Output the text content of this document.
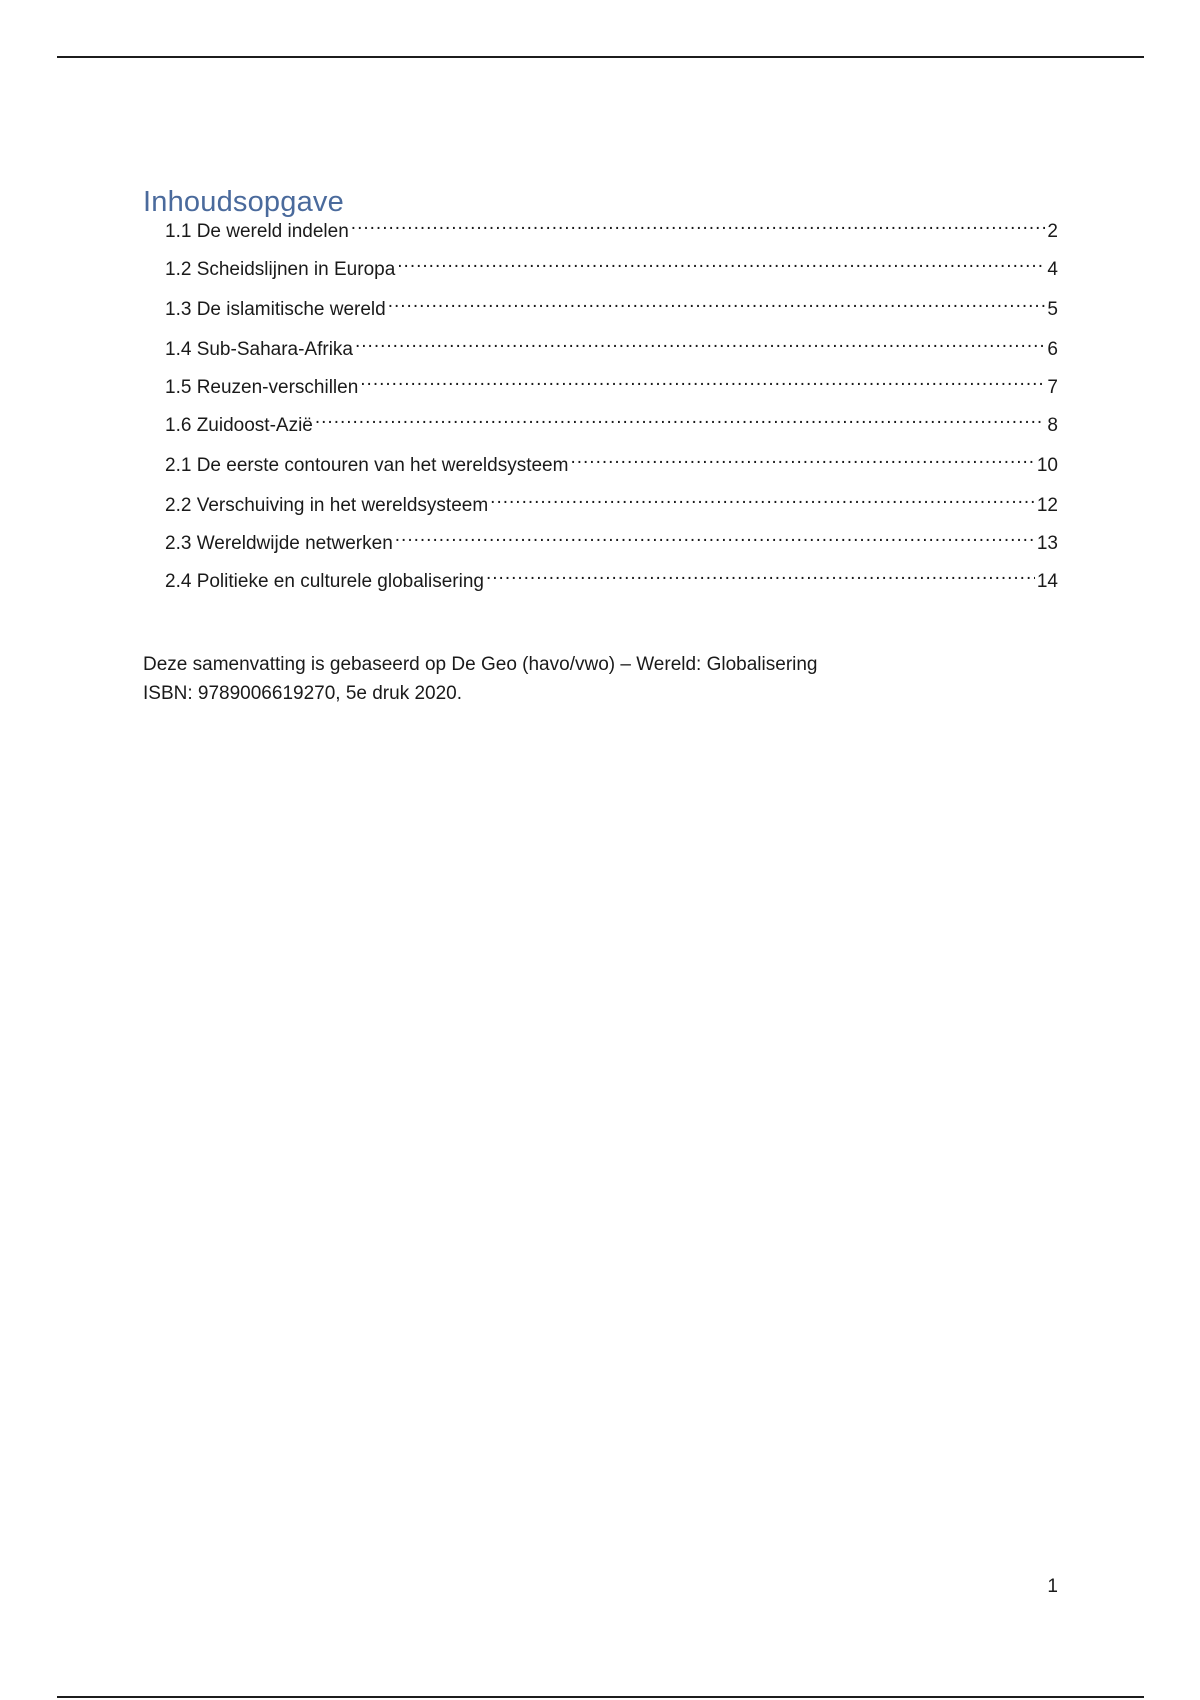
Inhoudsopgave
1.1 De wereld indelen .....	2
1.2 Scheidslijnen in Europa .....	4
1.3 De islamitische wereld .....	5
1.4 Sub-Sahara-Afrika .....	6
1.5 Reuzen-verschillen .....	7
1.6 Zuidoost-Azië .....	8
2.1 De eerste contouren van het wereldsysteem .....	10
2.2 Verschuiving in het wereldsysteem .....	12
2.3 Wereldwijde netwerken .....	13
2.4 Politieke en culturele globalisering .....	14
Deze samenvatting is gebaseerd op De Geo (havo/vwo) – Wereld: Globalisering
ISBN: 9789006619270, 5e druk 2020.
1
